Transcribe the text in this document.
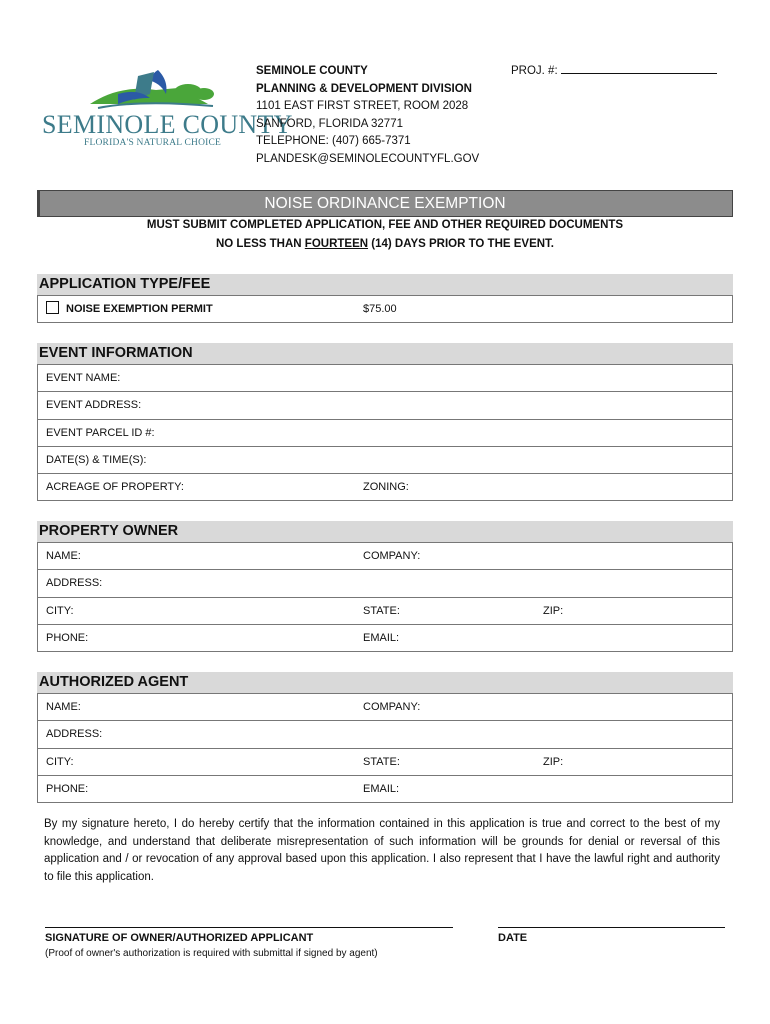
SEMINOLE COUNTY
FLORIDA'S NATURAL CHOICE
SEMINOLE COUNTY
PLANNING & DEVELOPMENT DIVISION
1101 EAST FIRST STREET, ROOM 2028
SANFORD, FLORIDA 32771
TELEPHONE: (407) 665-7371
PLANDESK@SEMINOLECOUNTYFL.GOV
PROJ. #:
NOISE ORDINANCE EXEMPTION
MUST SUBMIT COMPLETED APPLICATION, FEE AND OTHER REQUIRED DOCUMENTS
NO LESS THAN FOURTEEN (14) DAYS PRIOR TO THE EVENT.
APPLICATION TYPE/FEE
NOISE EXEMPTION PERMIT	$75.00
EVENT INFORMATION
EVENT NAME:
EVENT ADDRESS:
EVENT PARCEL ID #:
DATE(S) & TIME(S):
ACREAGE OF PROPERTY:	ZONING:
PROPERTY OWNER
NAME:	COMPANY:
ADDRESS:
CITY:	STATE:	ZIP:
PHONE:	EMAIL:
AUTHORIZED AGENT
NAME:	COMPANY:
ADDRESS:
CITY:	STATE:	ZIP:
PHONE:	EMAIL:
By my signature hereto, I do hereby certify that the information contained in this application is true and correct to the best of my knowledge, and understand that deliberate misrepresentation of such information will be grounds for denial or reversal of this application and / or revocation of any approval based upon this application. I also represent that I have the lawful right and authority to file this application.
SIGNATURE OF OWNER/AUTHORIZED APPLICANT
(Proof of owner's authorization is required with submittal if signed by agent)
DATE
